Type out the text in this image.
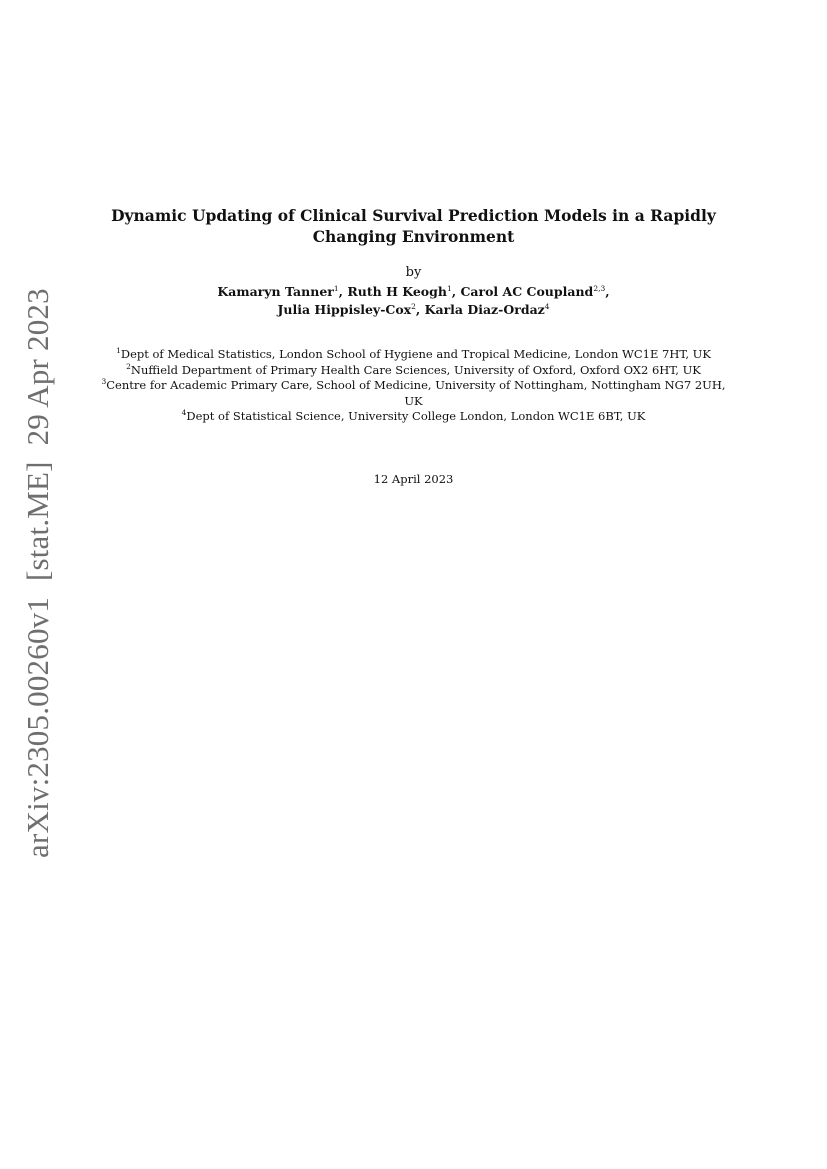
arXiv:2305.00260v1  [stat.ME]  29 Apr 2023
Dynamic Updating of Clinical Survival Prediction Models in a Rapidly
Changing Environment
by
Kamaryn Tanner$^1$, Ruth H Keogh$^1$, Carol AC Coupland$^{2,3}$,
Julia Hippisley-Cox$^2$, Karla Diaz-Ordaz$^4$
$^1$Dept of Medical Statistics, London School of Hygiene and Tropical Medicine, London WC1E 7HT, UK
$^2$Nuffield Department of Primary Health Care Sciences, University of Oxford, Oxford OX2 6HT, UK
$^3$Centre for Academic Primary Care, School of Medicine, University of Nottingham, Nottingham NG7 2UH, UK
$^4$Dept of Statistical Science, University College London, London WC1E 6BT, UK
12 April 2023
